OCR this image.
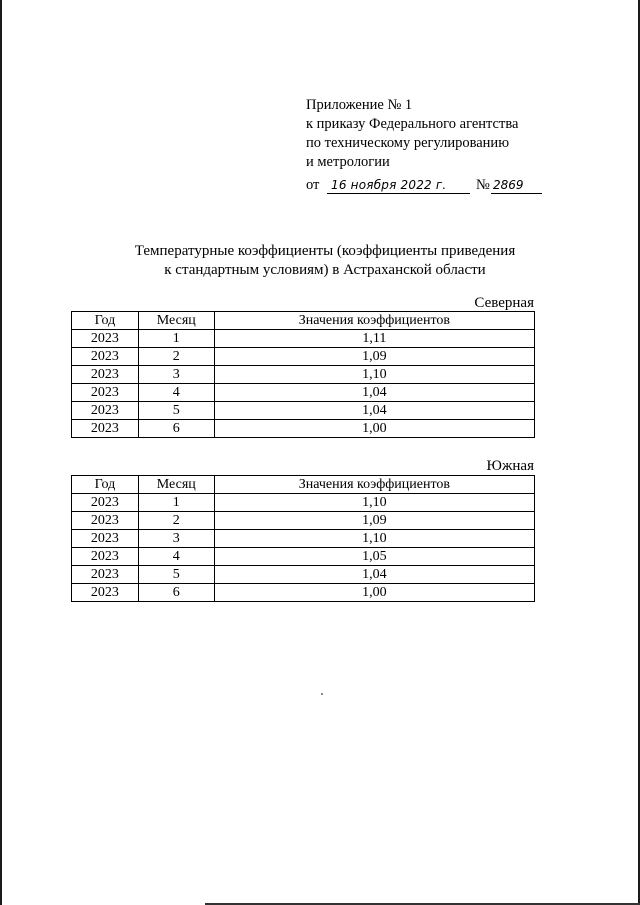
Приложение № 1
к приказу Федерального агентства
по техническому регулированию
и метрологии
от 16 ноября 2022 г.	№ 2869
Температурные коэффициенты (коэффициенты приведения
к стандартным условиям) в Астраханской области
Северная
Год	Месяц	Значения коэффициентов
2023	1	1,11
2023	2	1,09
2023	3	1,10
2023	4	1,04
2023	5	1,04
2023	6	1,00
Южная
Год	Месяц	Значения коэффициентов
2023	1	1,10
2023	2	1,09
2023	3	1,10
2023	4	1,05
2023	5	1,04
2023	6	1,00
